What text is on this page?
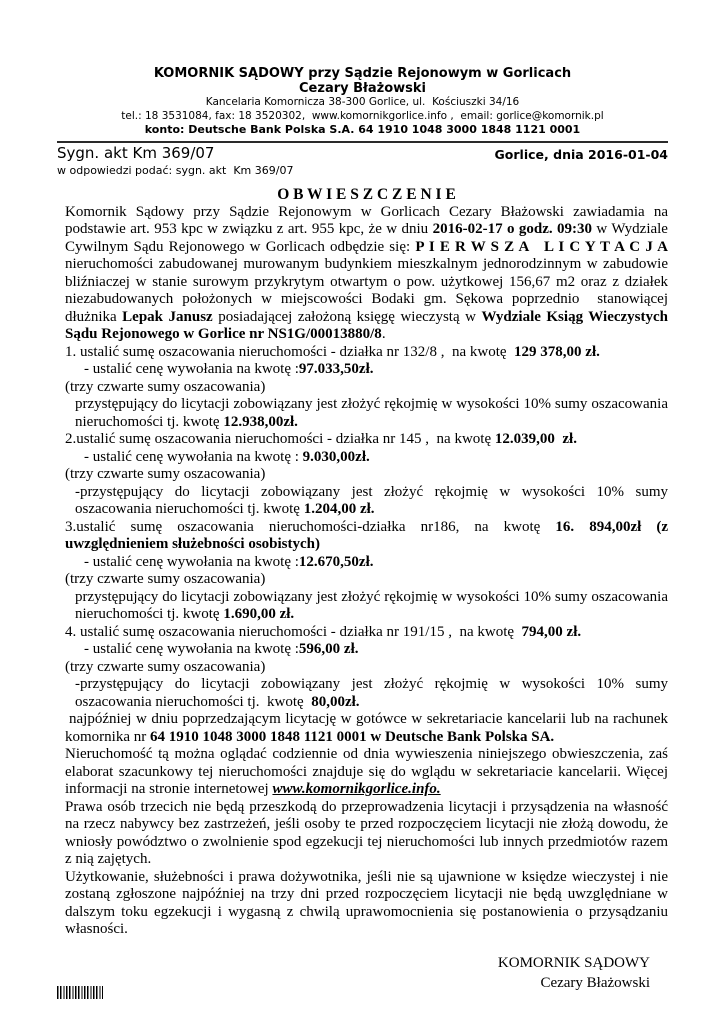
KOMORNIK SĄDOWY przy Sądzie Rejonowym w Gorlicach
Cezary Błażowski
Kancelaria Komornicza 38-300 Gorlice, ul.  Kościuszki 34/16
tel.: 18 3531084, fax: 18 3520302,  www.komornikgorlice.info ,  email: gorlice@komornik.pl
konto: Deutsche Bank Polska S.A. 64 1910 1048 3000 1848 1121 0001
Sygn. akt Km 369/07	Gorlice, dnia 2016-01-04
w odpowiedzi podać: sygn. akt  Km 369/07

O B W I E S Z C Z E N I E

Komornik Sądowy przy Sądzie Rejonowym w Gorlicach Cezary Błażowski zawiadamia na podstawie art. 953 kpc w związku z art. 955 kpc, że w dniu 2016-02-17 o godz. 09:30 w Wydziale Cywilnym Sądu Rejonowego w Gorlicach odbędzie się: P I E R W S Z A   L I C Y T A C J A nieruchomości zabudowanej murowanym budynkiem mieszkalnym jednorodzinnym w zabudowie bliźniaczej w stanie surowym przykrytym otwartym o pow. użytkowej 156,67 m2 oraz z działek niezabudowanych położonych w miejscowości Bodaki gm. Sękowa poprzednio  stanowiącej dłużnika Lepak Janusz posiadającej założoną księgę wieczystą w Wydziale Ksiąg Wieczystych Sądu Rejonowego w Gorlice nr NS1G/00013880/8.

1. ustalić sumę oszacowania nieruchomości - działka nr 132/8 ,  na kwotę  129 378,00 zł.

- ustalić cenę wywołania na kwotę :97.033,50zł.

(trzy czwarte sumy oszacowania)

przystępujący do licytacji zobowiązany jest złożyć rękojmię w wysokości 10% sumy oszacowania nieruchomości tj. kwotę 12.938,00zł.

2.ustalić sumę oszacowania nieruchomości - działka nr 145 ,  na kwotę 12.039,00  zł.

- ustalić cenę wywołania na kwotę : 9.030,00zł.

(trzy czwarte sumy oszacowania)

-przystępujący do licytacji zobowiązany jest złożyć rękojmię w wysokości 10% sumy oszacowania nieruchomości tj. kwotę 1.204,00 zł.

3.ustalić  sumę  oszacowania  nieruchomości-działka  nr186,  na  kwotę  16.  894,00zł  (z uwzględnieniem służebności osobistych)

- ustalić cenę wywołania na kwotę :12.670,50zł.

(trzy czwarte sumy oszacowania)

przystępujący do licytacji zobowiązany jest złożyć rękojmię w wysokości 10% sumy oszacowania nieruchomości tj. kwotę 1.690,00 zł.

4. ustalić sumę oszacowania nieruchomości - działka nr 191/15 ,  na kwotę  794,00 zł.

- ustalić cenę wywołania na kwotę :596,00 zł.

(trzy czwarte sumy oszacowania)

-przystępujący do licytacji zobowiązany jest złożyć rękojmię w wysokości 10% sumy oszacowania nieruchomości tj.  kwotę  80,00zł.

najpóźniej w dniu poprzedzającym licytację w gotówce w sekretariacie kancelarii lub na rachunek komornika nr 64 1910 1048 3000 1848 1121 0001 w Deutsche Bank Polska SA.

Nieruchomość tą można oglądać codziennie od dnia wywieszenia niniejszego obwieszczenia, zaś elaborat szacunkowy tej nieruchomości znajduje się do wglądu w sekretariacie kancelarii. Więcej informacji na stronie internetowej www.komornikgorlice.info.

Prawa osób trzecich nie będą przeszkodą do przeprowadzenia licytacji i przysądzenia na własność na rzecz nabywcy bez zastrzeżeń, jeśli osoby te przed rozpoczęciem licytacji nie złożą dowodu, że wniosły powództwo o zwolnienie spod egzekucji tej nieruchomości lub innych przedmiotów razem z nią zajętych.

Użytkowanie, służebności i prawa dożywotnika, jeśli nie są ujawnione w księdze wieczystej i nie zostaną zgłoszone najpóźniej na trzy dni przed rozpoczęciem licytacji nie będą uwzględniane w dalszym toku egzekucji i wygasną z chwilą uprawomocnienia się postanowienia o przysądzaniu własności.

KOMORNIK SĄDOWY
Cezary Błażowski
